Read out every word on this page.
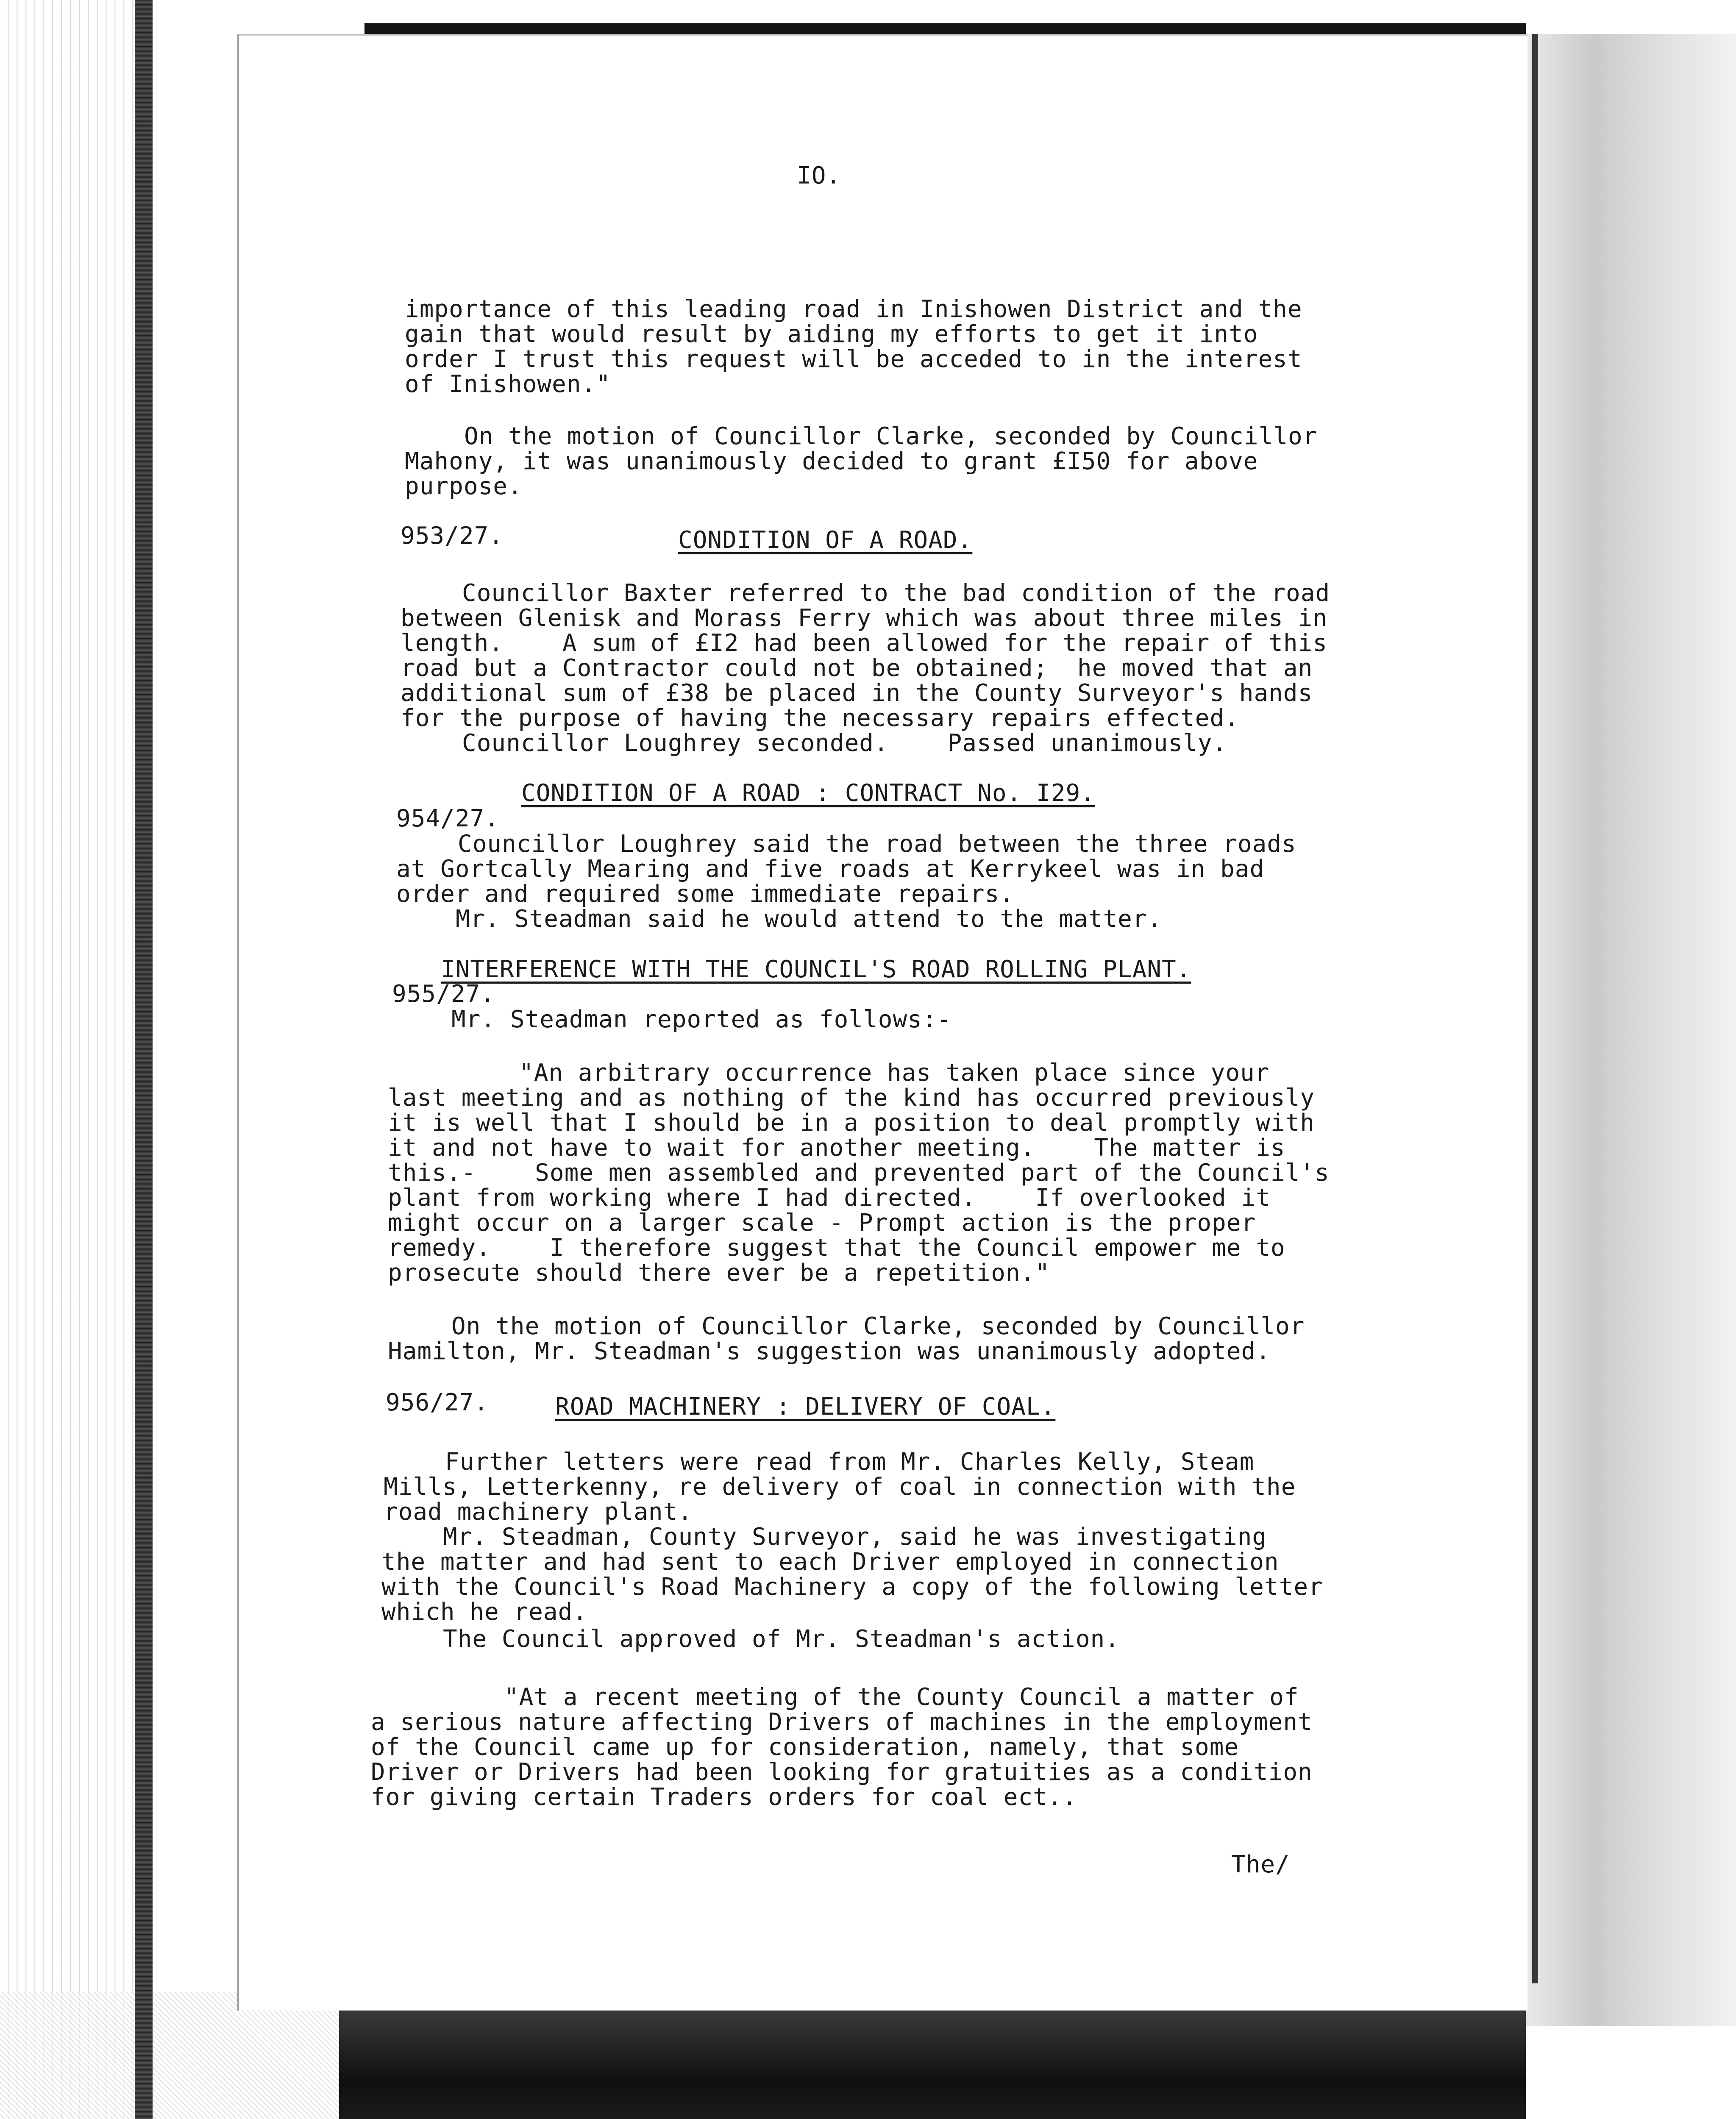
IO.

importance of this leading road in Inishowen District and the

gain that would result by aiding my efforts to get it into

order I trust this request will be acceded to in the interest

of Inishowen."

On the motion of Councillor Clarke, seconded by Councillor

Mahony, it was unanimously decided to grant £I50 for above

purpose.

953/27.	CONDITION OF A ROAD.

Councillor Baxter referred to the bad condition of the road

between Glenisk and Morass Ferry which was about three miles in

length.    A sum of £I2 had been allowed for the repair of this

road but a Contractor could not be obtained;  he moved that an

additional sum of £38 be placed in the County Surveyor's hands

for the purpose of having the necessary repairs effected.

Councillor Loughrey seconded.    Passed unanimously.

CONDITION OF A ROAD : CONTRACT No. I29.

954/27.

Councillor Loughrey said the road between the three roads

at Gortcally Mearing and five roads at Kerrykeel was in bad

order and required some immediate repairs.

Mr. Steadman said he would attend to the matter.

INTERFERENCE WITH THE COUNCIL'S ROAD ROLLING PLANT.

955/27.

Mr. Steadman reported as follows:-

"An arbitrary occurrence has taken place since your

last meeting and as nothing of the kind has occurred previously

it is well that I should be in a position to deal promptly with

it and not have to wait for another meeting.    The matter is

this.-    Some men assembled and prevented part of the Council's

plant from working where I had directed.    If overlooked it

might occur on a larger scale - Prompt action is the proper

remedy.    I therefore suggest that the Council empower me to

prosecute should there ever be a repetition."

On the motion of Councillor Clarke, seconded by Councillor

Hamilton, Mr. Steadman's suggestion was unanimously adopted.

956/27.	ROAD MACHINERY : DELIVERY OF COAL.

Further letters were read from Mr. Charles Kelly, Steam

Mills, Letterkenny, re delivery of coal in connection with the

road machinery plant.

Mr. Steadman, County Surveyor, said he was investigating

the matter and had sent to each Driver employed in connection

with the Council's Road Machinery a copy of the following letter

which he read.

The Council approved of Mr. Steadman's action.

"At a recent meeting of the County Council a matter of

a serious nature affecting Drivers of machines in the employment

of the Council came up for consideration, namely, that some

Driver or Drivers had been looking for gratuities as a condition

for giving certain Traders orders for coal ect..

The/
